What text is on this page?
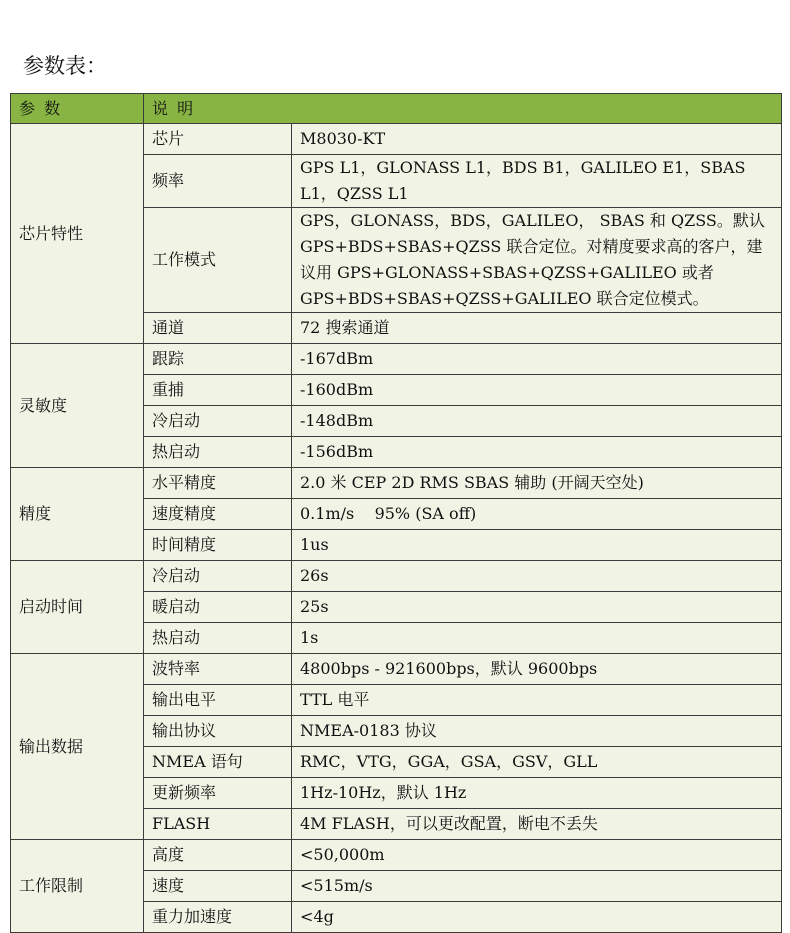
参数表：
参 数	说 明	
芯片特性	芯片	M8030-KT
	频率	GPS L1，GLONASS L1，BDS B1，GALILEO E1，SBAS L1，QZSS L1
	工作模式	GPS，GLONASS，BDS，GALILEO， SBAS 和 QZSS。默认 GPS+BDS+SBAS+QZSS 联合定位。对精度要求高的客户，建议用 GPS+GLONASS+SBAS+QZSS+GALILEO 或者 GPS+BDS+SBAS+QZSS+GALILEO 联合定位模式。
	通道	72 搜索通道
灵敏度	跟踪	-167dBm
	重捕	-160dBm
	冷启动	-148dBm
	热启动	-156dBm
精度	水平精度	2.0 米 CEP 2D RMS SBAS 辅助 (开阔天空处)
	速度精度	0.1m/s    95% (SA off)
	时间精度	1us
启动时间	冷启动	26s
	暖启动	25s
	热启动	1s
输出数据	波特率	4800bps - 921600bps，默认 9600bps
	输出电平	TTL 电平
	输出协议	NMEA-0183 协议
	NMEA 语句	RMC，VTG，GGA，GSA，GSV，GLL
	更新频率	1Hz-10Hz，默认 1Hz
	FLASH	4M FLASH，可以更改配置，断电不丢失
工作限制	高度	<50,000m
	速度	<515m/s
	重力加速度	<4g
